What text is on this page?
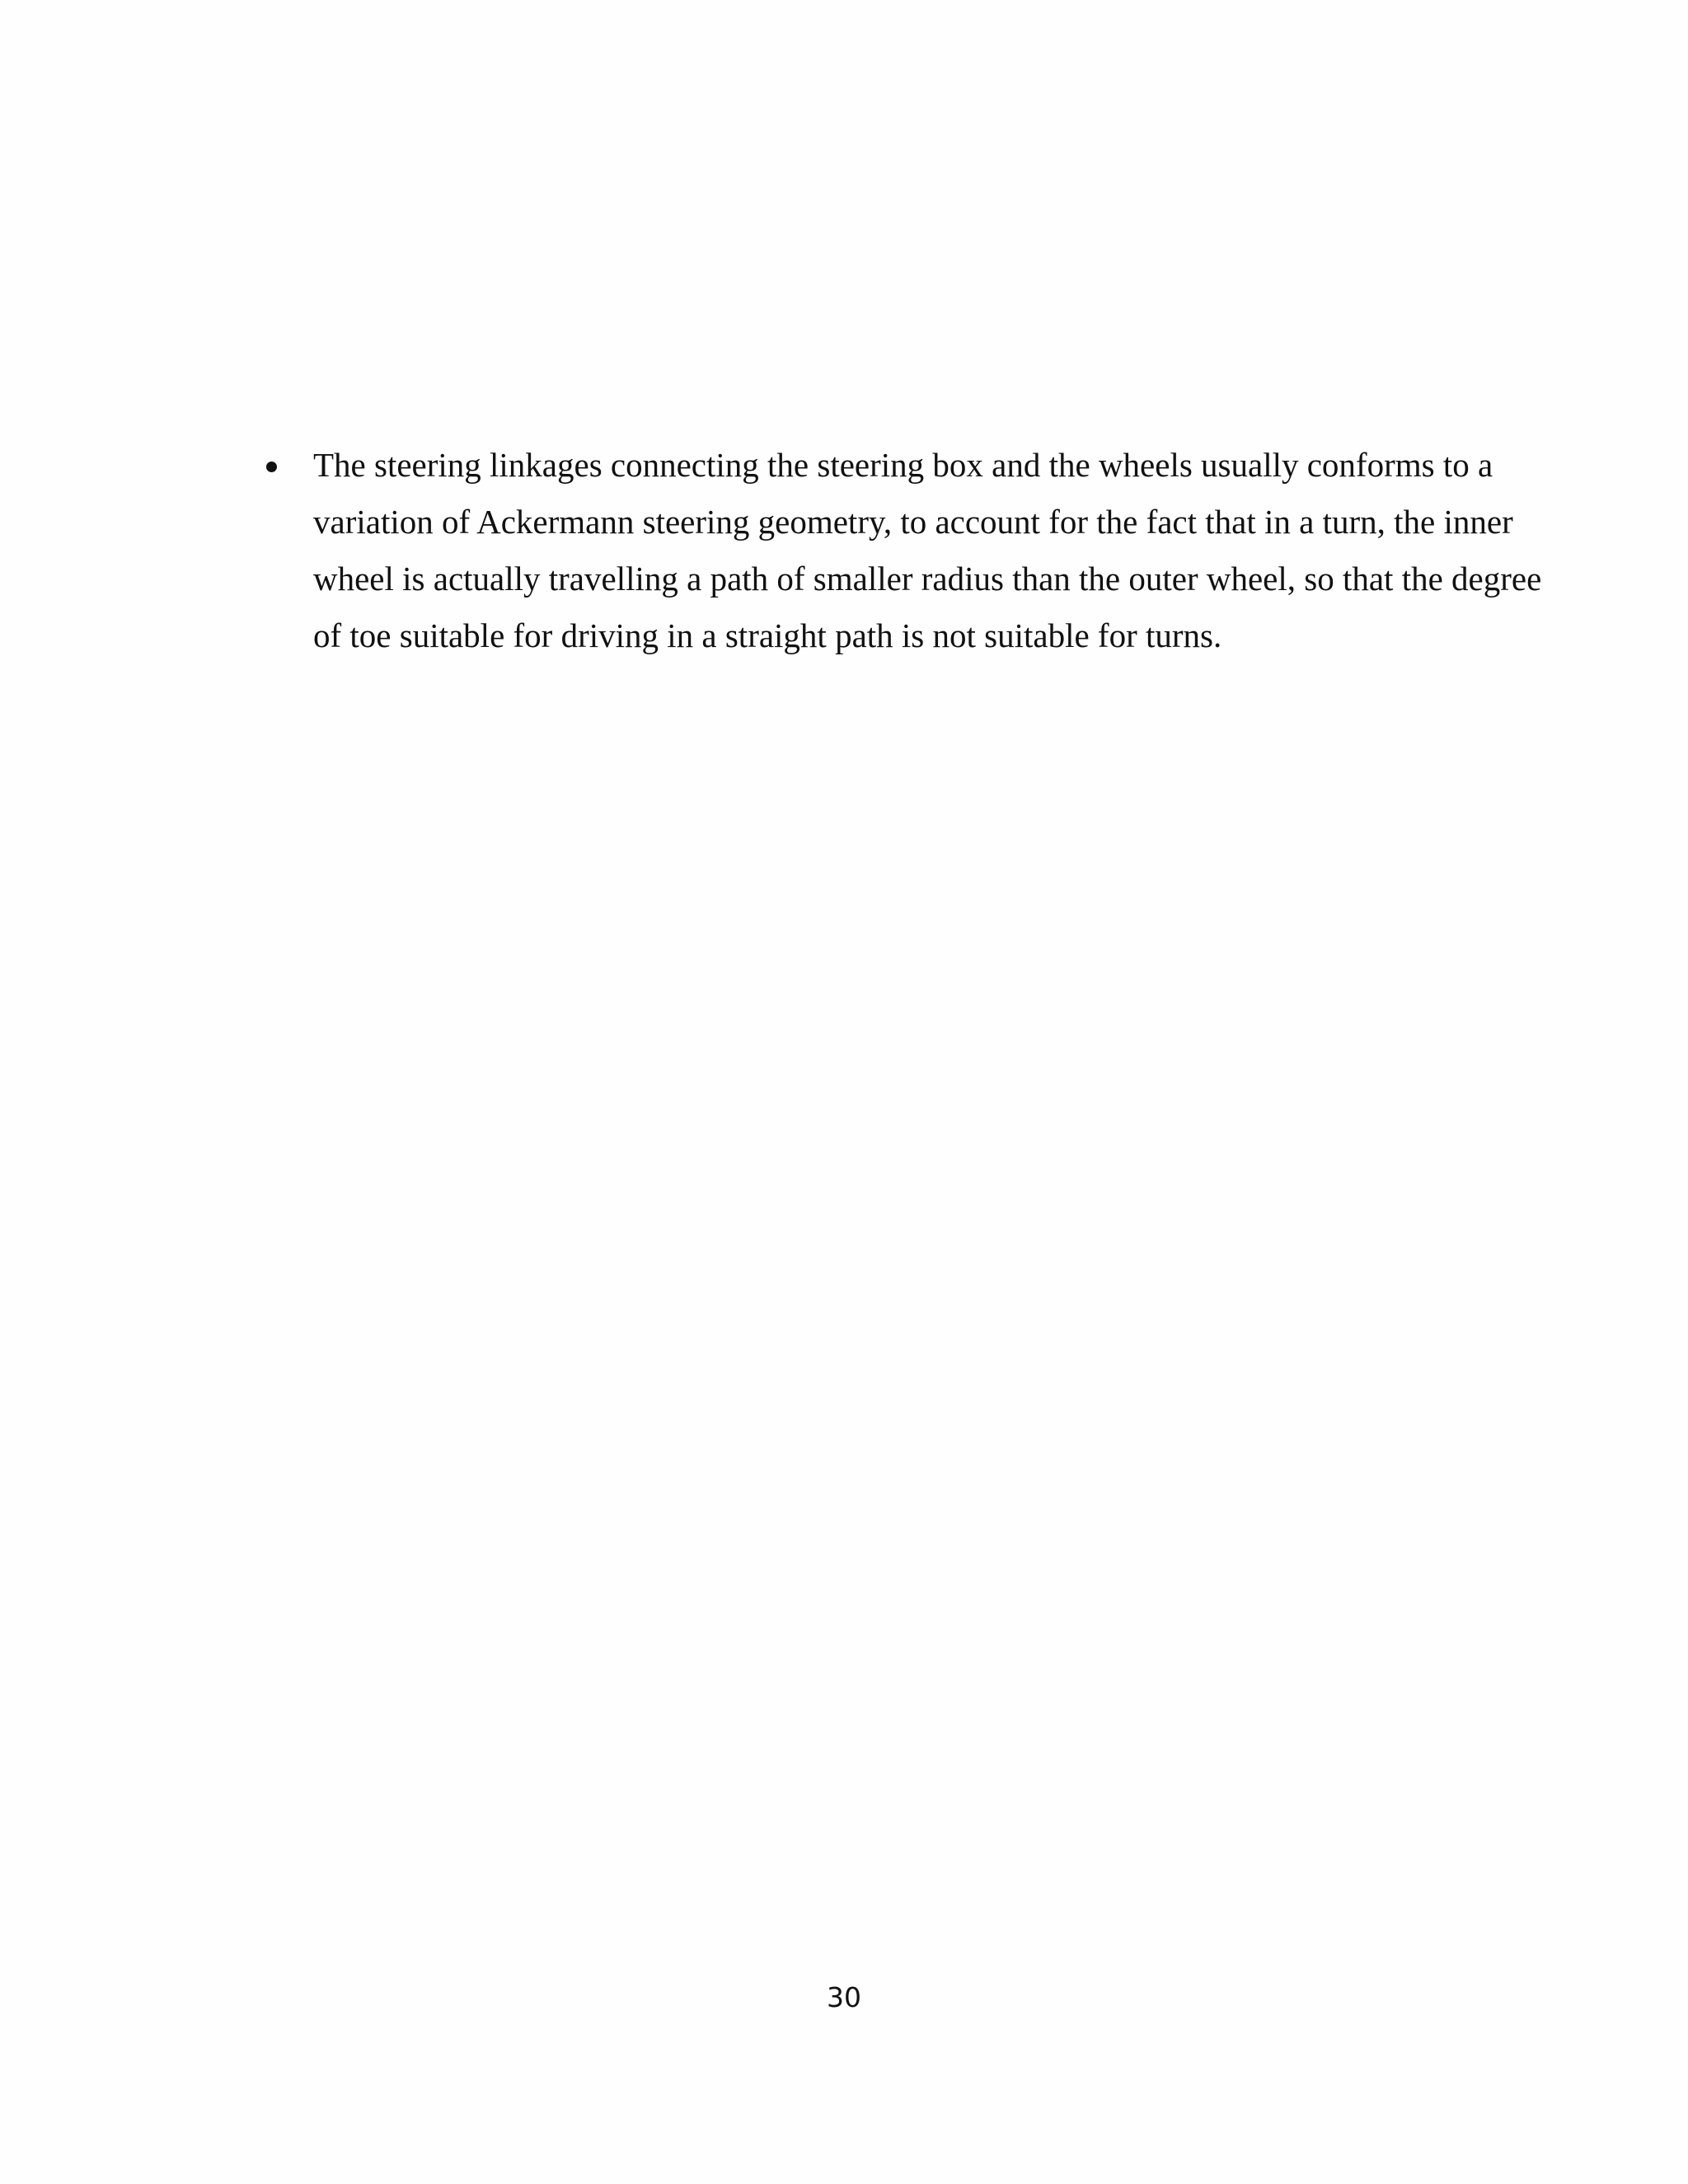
The steering linkages connecting the steering box and the wheels usually conforms to a
variation of Ackermann steering geometry, to account for the fact that in a turn, the inner
wheel is actually travelling a path of smaller radius than the outer wheel, so that the degree
of toe suitable for driving in a straight path is not suitable for turns.
30
